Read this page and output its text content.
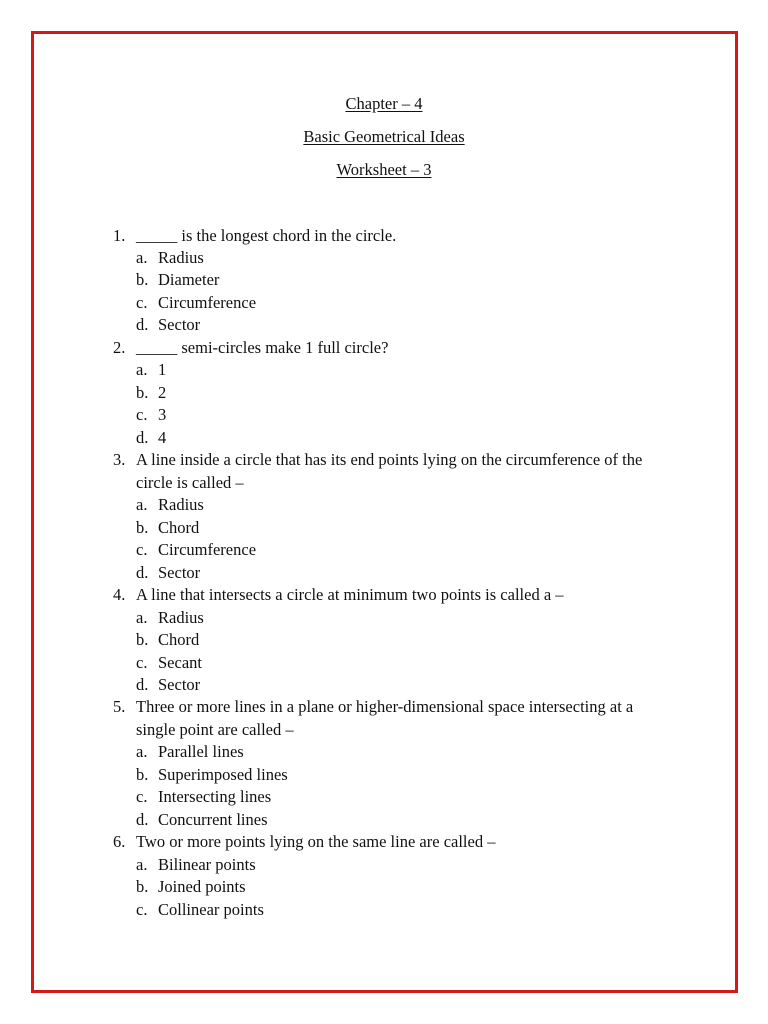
Chapter – 4
Basic Geometrical Ideas
Worksheet – 3
1. _____ is the longest chord in the circle.
a. Radius
b. Diameter
c. Circumference
d. Sector
2. _____ semi-circles make 1 full circle?
a. 1
b. 2
c. 3
d. 4
3. A line inside a circle that has its end points lying on the circumference of the
circle is called –
a. Radius
b. Chord
c. Circumference
d. Sector
4. A line that intersects a circle at minimum two points is called a –
a. Radius
b. Chord
c. Secant
d. Sector
5. Three or more lines in a plane or higher-dimensional space intersecting at a
single point are called –
a. Parallel lines
b. Superimposed lines
c. Intersecting lines
d. Concurrent lines
6. Two or more points lying on the same line are called –
a. Bilinear points
b. Joined points
c. Collinear points
